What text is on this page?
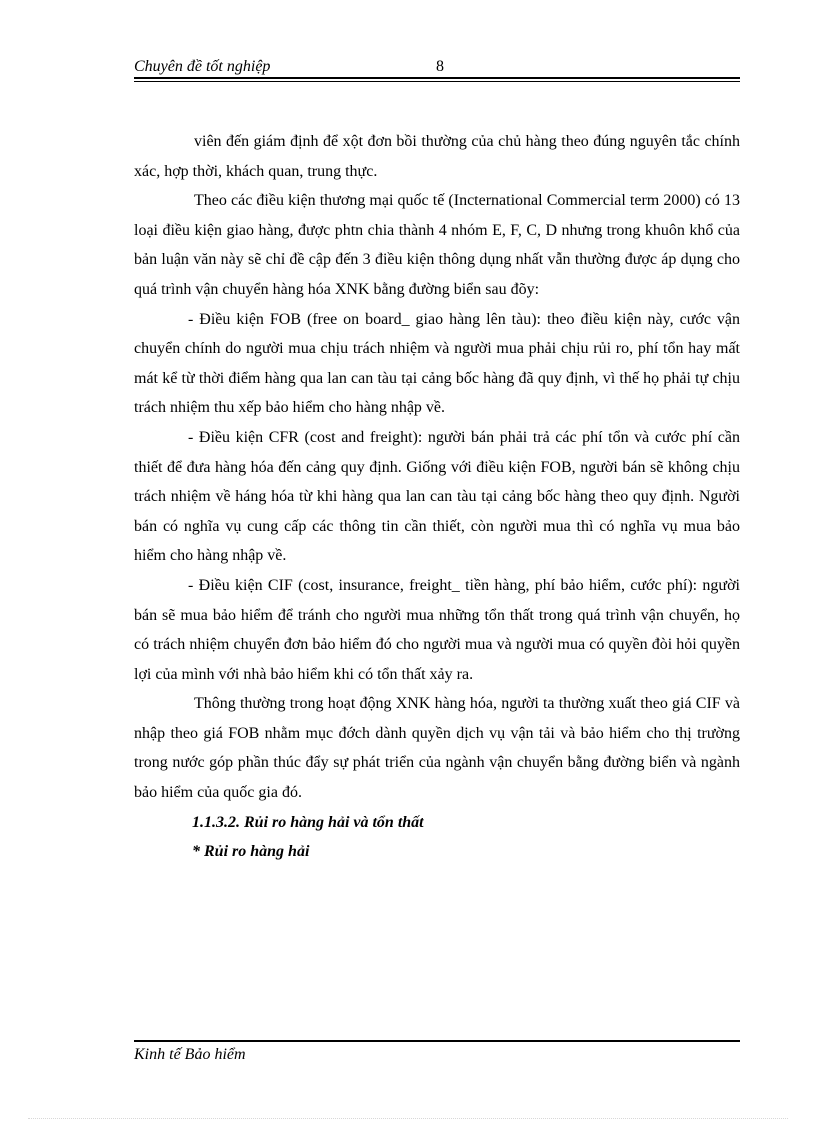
Chuyên đề tốt nghiệp	8

viên đến giám định để xột đơn bồi thường của chủ hàng theo đúng nguyên tắc chính xác, hợp thời, khách quan, trung thực.

Theo các điều kiện thương mại quốc tế (Incternational Commercial term 2000) có 13 loại điều kiện giao hàng, được phtn chia thành 4 nhóm E, F, C, D nhưng trong khuôn khổ của bản luận văn này sẽ chỉ đề cập đến 3 điều kiện thông dụng nhất vẫn thường được áp dụng cho quá trình vận chuyển hàng hóa XNK bằng đường biển sau đõy:

- Điều kiện FOB (free on board_ giao hàng lên tàu): theo điều kiện này, cước vận chuyển chính do người mua chịu trách nhiệm và người mua phải chịu rủi ro, phí tổn hay mất mát kể từ thời điểm hàng qua lan can tàu tại cảng bốc hàng đã quy định, vì thế họ phải tự chịu trách nhiệm thu xếp bảo hiểm cho hàng nhập về.

- Điều kiện CFR (cost and freight): người bán phải trả các phí tổn và cước phí cần thiết để đưa hàng hóa đến cảng quy định. Giống với điều kiện FOB, người bán sẽ không chịu trách nhiệm về háng hóa từ khi hàng qua lan can tàu tại cảng bốc hàng theo quy định. Người bán có nghĩa vụ cung cấp các thông tin cần thiết, còn người mua thì có nghĩa vụ mua bảo hiểm cho hàng nhập về.

- Điều kiện CIF (cost, insurance, freight_ tiền hàng, phí bảo hiểm, cước phí): người bán sẽ mua bảo hiểm để tránh cho người mua những tổn thất trong quá trình vận chuyển, họ có trách nhiệm chuyển đơn bảo hiểm đó cho người mua và người mua có quyền đòi hỏi quyền lợi của mình với nhà bảo hiểm khi có tổn thất xảy ra.

Thông thường trong hoạt động XNK hàng hóa, người ta thường xuất theo giá CIF và nhập theo giá FOB nhằm mục đớch dành quyền dịch vụ vận tải và bảo hiểm cho thị trường trong nước góp phần thúc đẩy sự phát triển của ngành vận chuyển bằng đường biển và ngành bảo hiểm của quốc gia đó.

1.1.3.2. Rủi ro hàng hải và tổn thất

* Rủi ro hàng hải

Kinh tế Bảo hiểm
